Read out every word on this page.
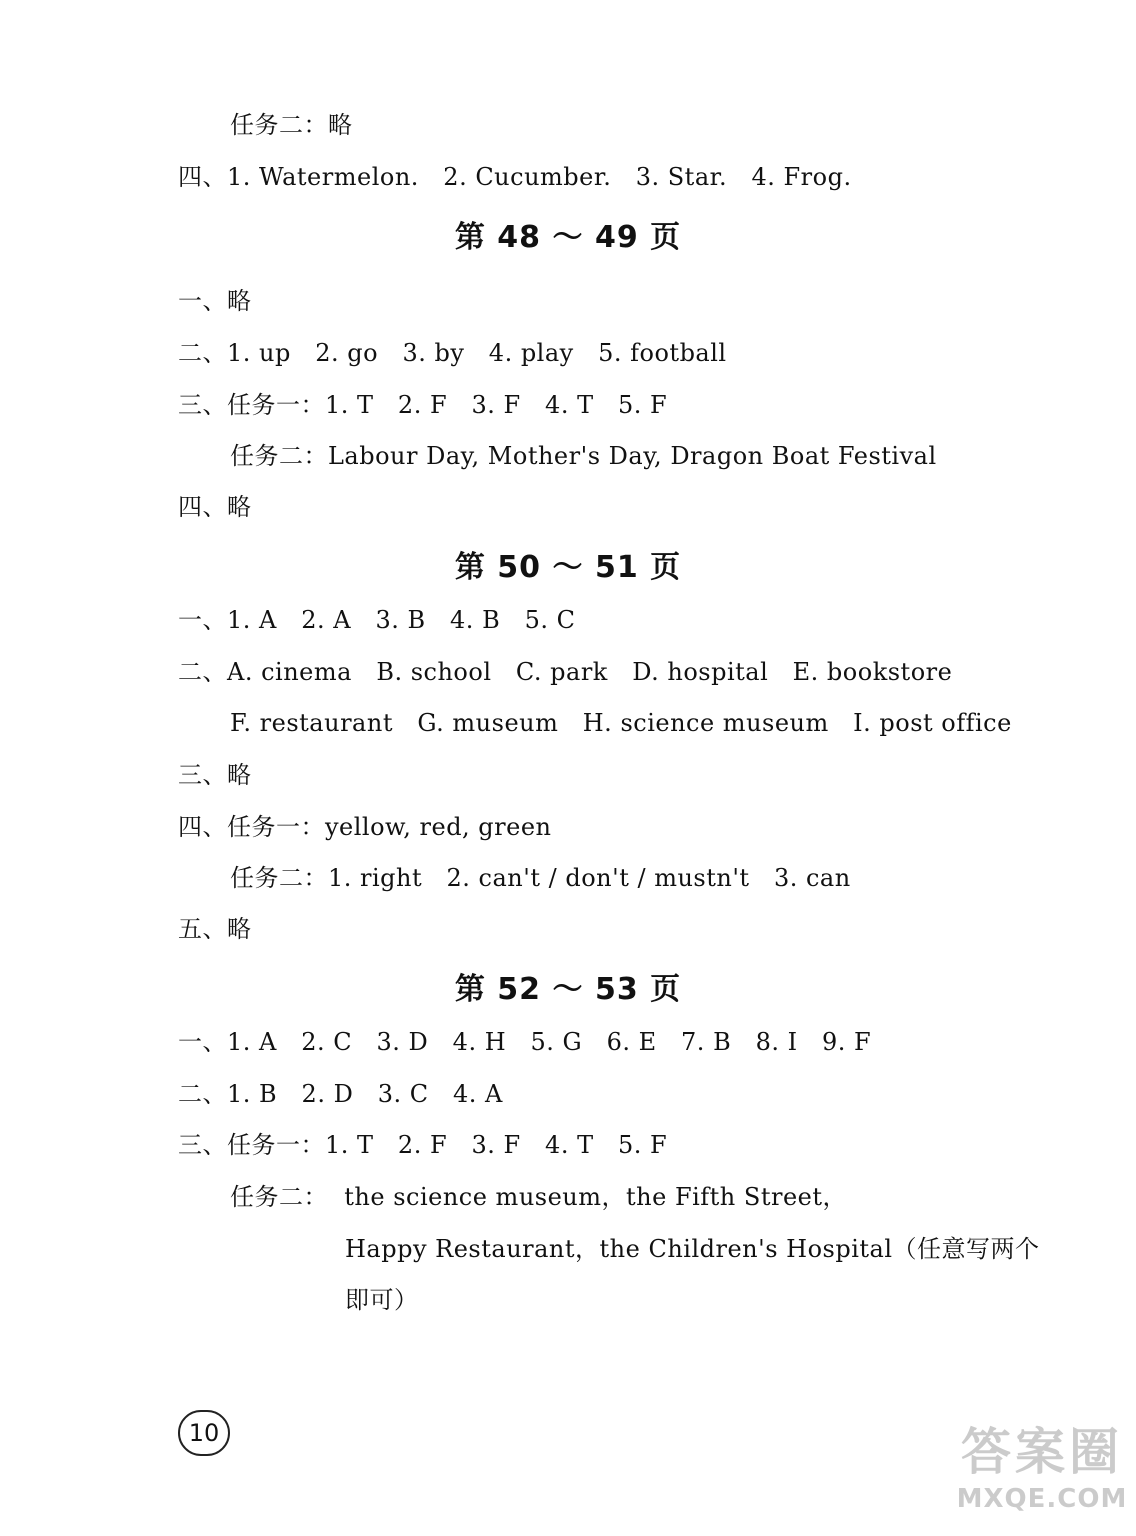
任务二：略
四、1. Watermelon.   2. Cucumber.   3. Star.   4. Frog.
第 48 ～ 49 页
一、略
二、1. up   2. go   3. by   4. play   5. football
三、任务一：1. T   2. F   3. F   4. T   5. F
任务二：Labour Day, Mother's Day, Dragon Boat Festival
四、略
第 50 ～ 51 页
一、1. A   2. A   3. B   4. B   5. C
二、A. cinema   B. school   C. park   D. hospital   E. bookstore
F. restaurant   G. museum   H. science museum   I. post office
三、略
四、任务一：yellow, red, green
任务二：1. right   2. can't / don't / mustn't   3. can
五、略
第 52 ～ 53 页
一、1. A   2. C   3. D   4. H   5. G   6. E   7. B   8. I   9. F
二、1. B   2. D   3. C   4. A
三、任务一：1. T   2. F   3. F   4. T   5. F
任务二：  the science museum，the Fifth Street，
Happy Restaurant，the Children's Hospital（任意写两个
即可）
10	答案圈
MXQE.COM
